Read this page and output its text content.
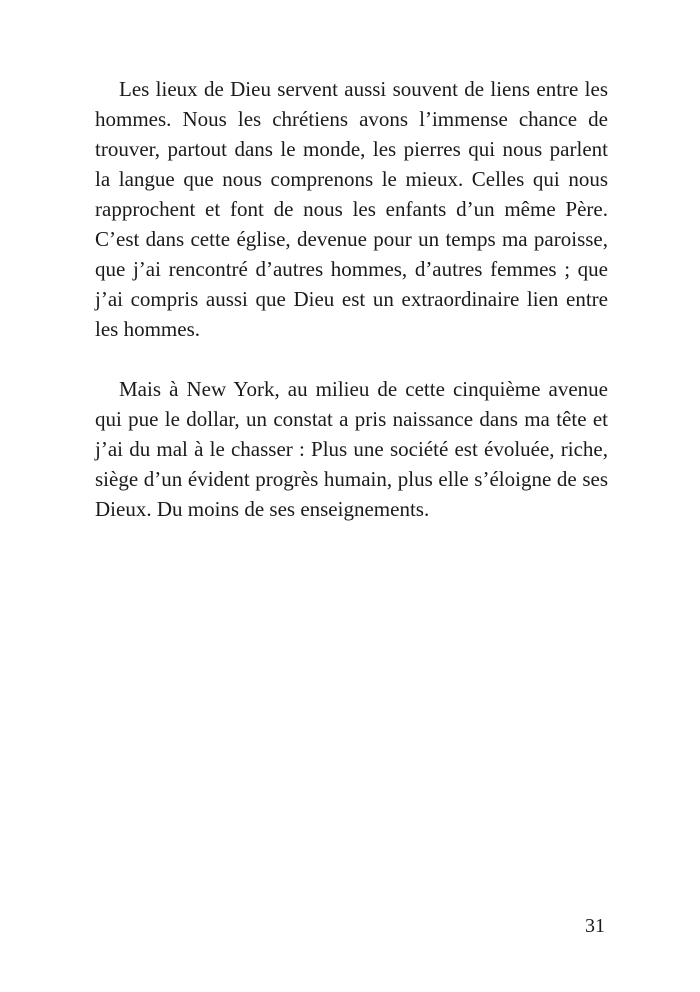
Les lieux de Dieu servent aussi souvent de liens entre les hommes. Nous les chrétiens avons l’immense chance de trouver, partout dans le monde, les pierres qui nous parlent la langue que nous comprenons le mieux. Celles qui nous rapprochent et font de nous les enfants d’un même Père. C’est dans cette église, devenue pour un temps ma paroisse, que j’ai rencontré d’autres hommes, d’autres femmes ; que j’ai compris aussi que Dieu est un extraordinaire lien entre les hommes.

Mais à New York, au milieu de cette cinquième avenue qui pue le dollar, un constat a pris naissance dans ma tête et j’ai du mal à le chasser : Plus une société est évoluée, riche, siège d’un évident progrès humain, plus elle s’éloigne de ses Dieux. Du moins de ses enseignements.

31
